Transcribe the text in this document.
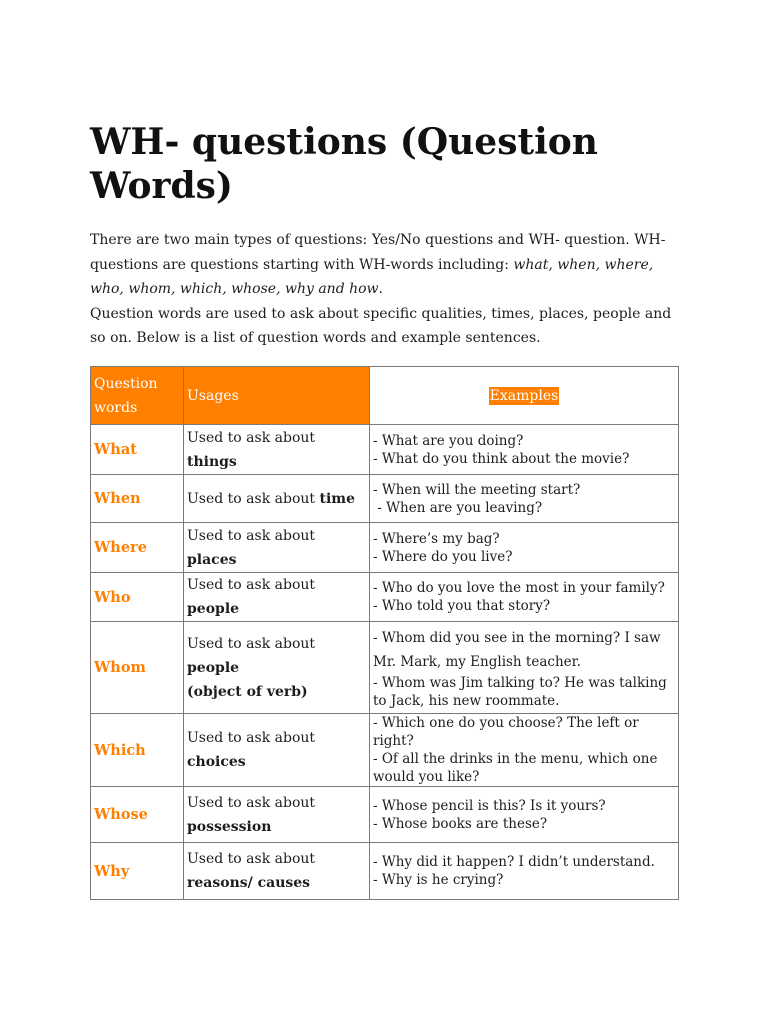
WH- questions (Question Words)

There are two main types of questions: Yes/No questions and WH- question. WH-questions are questions starting with WH-words including: what, when, where, who, whom, which, whose, why and how.
Question words are used to ask about specific qualities, times, places, people and so on. Below is a list of question words and example sentences.

Question words	Usages	Examples
What	Used to ask about things	- What are you doing?
- What do you think about the movie?

When	Used to ask about time	- When will the meeting start?
- When are you leaving?

Where	Used to ask about places	- Where’s my bag?
- Where do you live?

Who	Used to ask about people	- Who do you love the most in your family?
- Who told you that story?

Whom	Used to ask about people
(object of verb)	- Whom did you see in the morning? I saw Mr. Mark, my English teacher.
- Whom was Jim talking to? He was talking to Jack, his new roommate.

Which	Used to ask about choices	- Which one do you choose? The left or right?
- Of all the drinks in the menu, which one would you like?

Whose	Used to ask about
possession	- Whose pencil is this? Is it yours?
- Whose books are these?

Why	Used to ask about
reasons/ causes	- Why did it happen? I didn’t understand.
- Why is he crying?
